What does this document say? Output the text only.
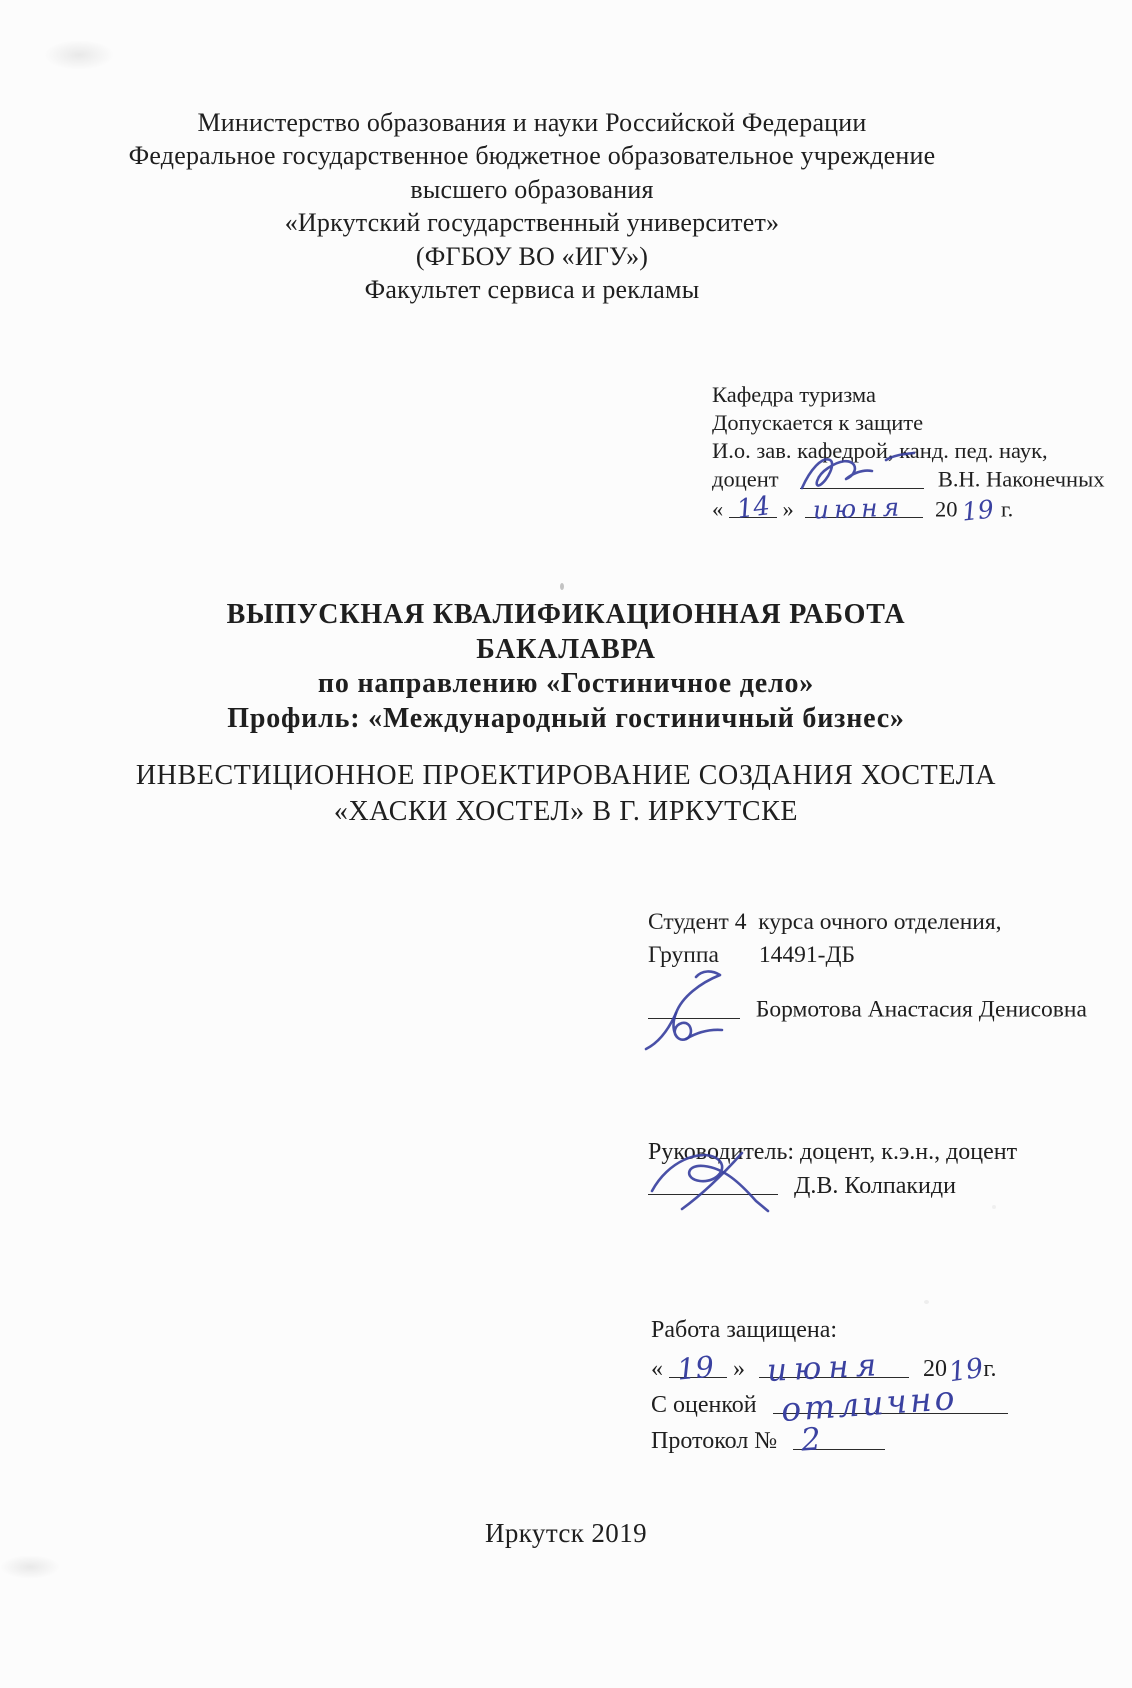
Министерство образования и науки Российской Федерации
Федеральное государственное бюджетное образовательное учреждение
высшего образования
«Иркутский государственный университет»
(ФГБОУ ВО «ИГУ»)
Факультет сервиса и рекламы
Кафедра туризма
Допускается к защите
И.о. зав. кафедрой, канд. пед. наук,
доцент	В.Н. Наконечных
« 14 » июня 20 19 г.
ВЫПУСКНАЯ КВАЛИФИКАЦИОННАЯ РАБОТА
БАКАЛАВРА
по направлению «Гостиничное дело»
Профиль: «Международный гостиничный бизнес»
ИНВЕСТИЦИОННОЕ ПРОЕКТИРОВАНИЕ СОЗДАНИЯ ХОСТЕЛА
«ХАСКИ ХОСТЕЛ» В Г. ИРКУТСКЕ
Студент 4  курса очного отделения,
Группа 14491-ДБ
Бормотова Анастасия Денисовна
Руководитель: доцент, к.э.н., доцент
Д.В. Колпакиди
Работа защищена:
« 19 » июня 2019г.
С оценкой отлично
Протокол № 2
Иркутск 2019
